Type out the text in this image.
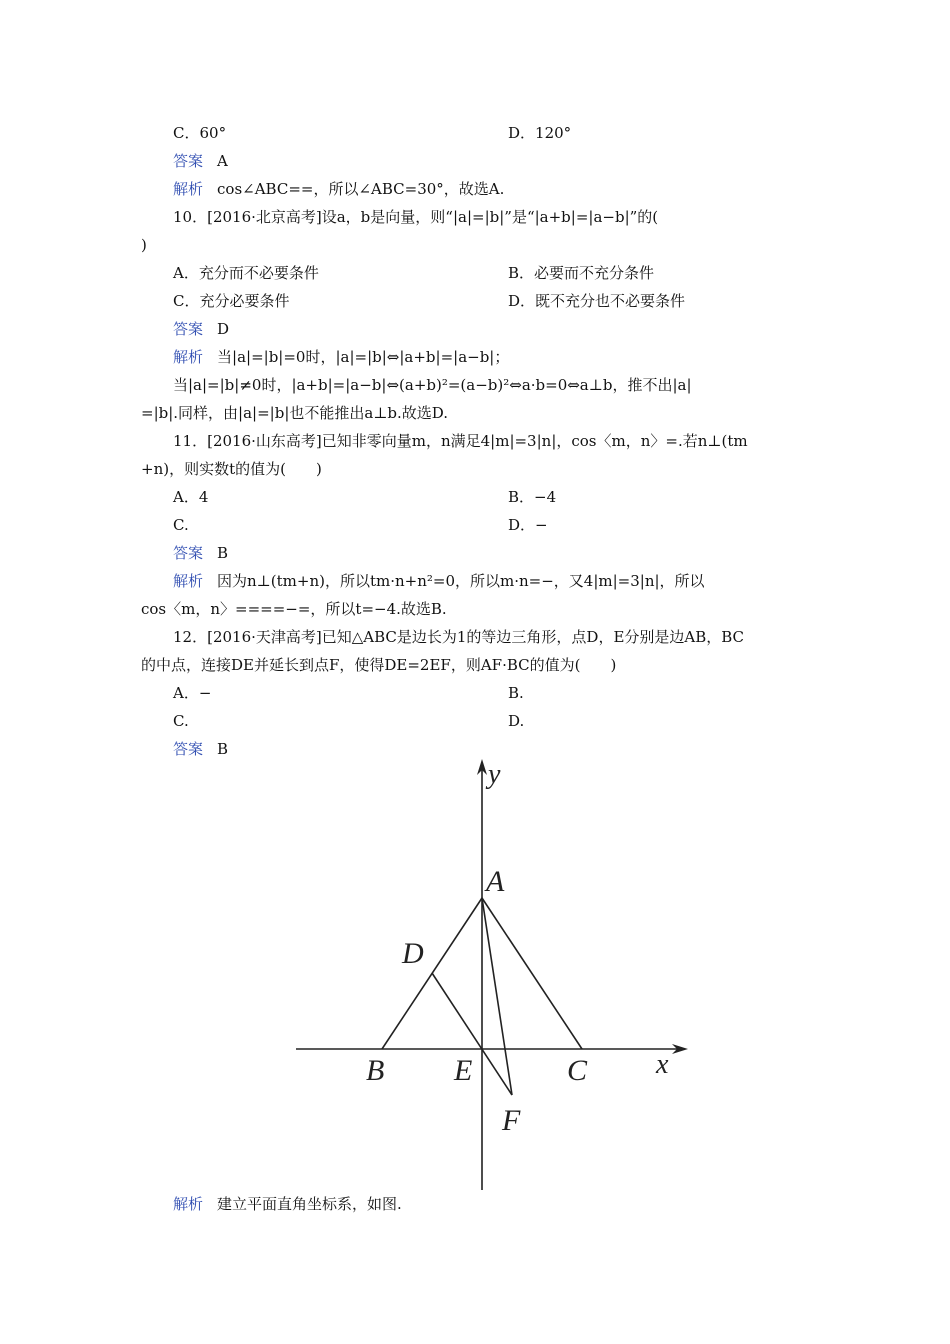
C．60°	D．120°
答案 A
解析 cos∠ABC==，所以∠ABC=30°，故选A.
10．[2016·北京高考]设a，b是向量，则“|a|=|b|”是“|a+b|=|a−b|”的(
)
A．充分而不必要条件	B．必要而不充分条件
C．充分必要条件	D．既不充分也不必要条件
答案 D
解析 当|a|=|b|=0时，|a|=|b|⇔|a+b|=|a−b|；
当|a|=|b|≠0时，|a+b|=|a−b|⇔(a+b)²=(a−b)²⇔a·b=0⇔a⊥b，推不出|a|
=|b|.同样，由|a|=|b|也不能推出a⊥b.故选D.
11．[2016·山东高考]已知非零向量m，n满足4|m|=3|n|，cos〈m，n〉=.若n⊥(tm
+n)，则实数t的值为(　　)
A．4	B．−4
C.	D．−
答案 B
解析 因为n⊥(tm+n)，所以tm·n+n²=0，所以m·n=−，又4|m|=3|n|，所以
cos〈m，n〉====−=，所以t=−4.故选B.
12．[2016·天津高考]已知△ABC是边长为1的等边三角形，点D，E分别是边AB，BC
的中点，连接DE并延长到点F，使得DE=2EF，则AF·BC的值为(　　)
A．−	B.
C.	D.
答案 B
y
x
A
D
B E	C
F
解析 建立平面直角坐标系，如图.
